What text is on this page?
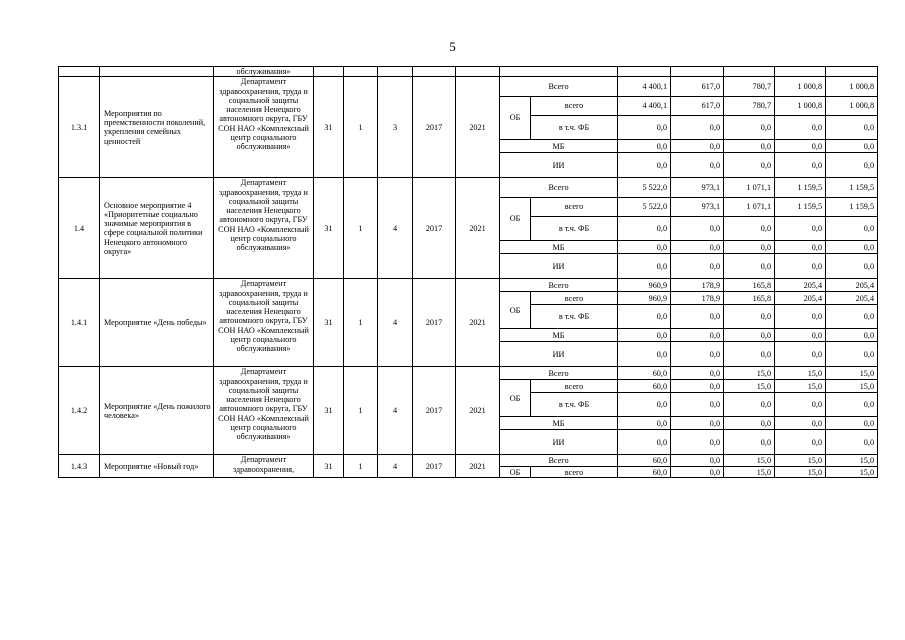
5
		обслуживания»													
1.3.1	Мероприятия по преемственности поколений, укрепления семейных ценностей	Департамент здравоохранения, труда и социальной защиты населения Ненецкого автономного округа, ГБУ СОН НАО «Комплексный центр социального обслуживания»	31	1	3	2017	2021	Всего		4 400,1	617,0	780,7	1 000,8	1 000,8	
								ОБ	всего	4 400,1	617,0	780,7	1 000,8	1 000,8	
									в т.ч. ФБ	0,0	0,0	0,0	0,0	0,0	
								МБ		0,0	0,0	0,0	0,0	0,0	
								ИИ		0,0	0,0	0,0	0,0	0,0	
1.4	Основное мероприятие 4 «Приоритетные социально значимые мероприятия в сфере социальной политики Ненецкого автономного округа»	Департамент здравоохранения, труда и социальной защиты населения Ненецкого автономного округа, ГБУ СОН НАО «Комплексный центр социального обслуживания»	31	1	4	2017	2021	Всего		5 522,0	973,1	1 071,1	1 159,5	1 159,5	
								ОБ	всего	5 522,0	973,1	1 071,1	1 159,5	1 159,5	
									в т.ч. ФБ	0,0	0,0	0,0	0,0	0,0	
								МБ		0,0	0,0	0,0	0,0	0,0	
								ИИ		0,0	0,0	0,0	0,0	0,0	
1.4.1	Мероприятие «День победы»	Департамент здравоохранения, труда и социальной защиты населения Ненецкого автономного округа, ГБУ СОН НАО «Комплексный центр социального обслуживания»	31	1	4	2017	2021	Всего		960,9	178,9	165,8	205,4	205,4	
								ОБ	всего	960,9	178,9	165,8	205,4	205,4	
									в т.ч. ФБ	0,0	0,0	0,0	0,0	0,0	
								МБ		0,0	0,0	0,0	0,0	0,0	
								ИИ		0,0	0,0	0,0	0,0	0,0	
1.4.2	Мероприятие «День пожилого человека»	Департамент здравоохранения, труда и социальной защиты населения Ненецкого автономного округа, ГБУ СОН НАО «Комплексный центр социального обслуживания»	31	1	4	2017	2021	Всего		60,0	0,0	15,0	15,0	15,0	
								ОБ	всего	60,0	0,0	15,0	15,0	15,0	
									в т.ч. ФБ	0,0	0,0	0,0	0,0	0,0	
								МБ		0,0	0,0	0,0	0,0	0,0	
								ИИ		0,0	0,0	0,0	0,0	0,0	
1.4.3	Мероприятие «Новый год»	Департамент здравоохранения,	31	1	4	2017	2021	Всего		60,0	0,0	15,0	15,0	15,0	
								ОБ	всего	60,0	0,0	15,0	15,0	15,0	
